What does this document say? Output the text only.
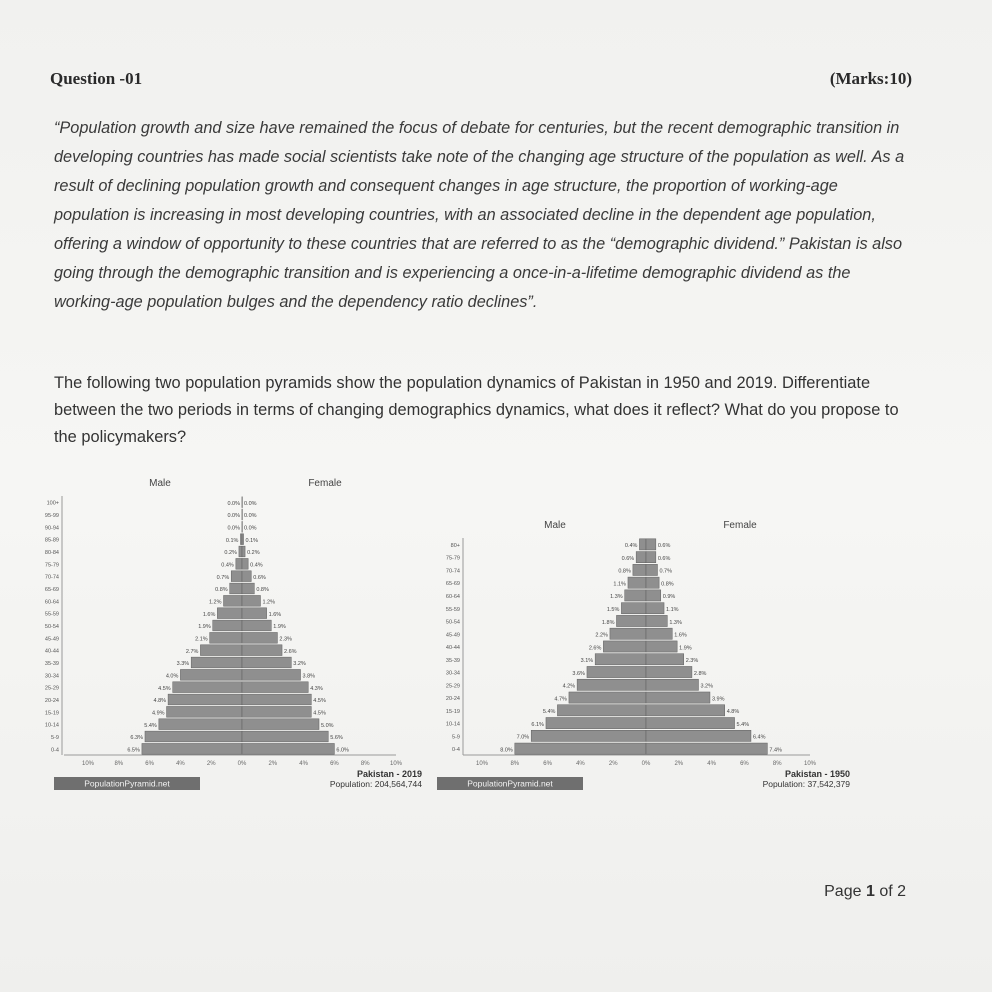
Question -01	(Marks:10)
“Population growth and size have remained the focus of debate for centuries, but the recent demographic transition in developing countries has made social scientists take note of the changing age structure of the population as well. As a result of declining population growth and consequent changes in age structure, the proportion of working-age population is increasing in most developing countries, with an associated decline in the dependent age population, offering a window of opportunity to these countries that are referred to as the “demographic dividend.” Pakistan is also going through the demographic transition and is experiencing a once-in-a-lifetime demographic dividend as the working-age population bulges and the dependency ratio declines”.
The following two population pyramids show the population dynamics of Pakistan in 1950 and 2019. Differentiate between the two periods in terms of changing demographics dynamics, what does it reflect? What do you propose to the policymakers?
Male	Female
0-4	6.5%	6.0%
5-9	6.3%	5.6%
10-14	5.4%	5.0%
15-19	4.9%	4.5%
20-24	4.8%	4.5%
25-29	4.5%	4.3%
30-34	4.0%	3.8%
35-39	3.3%	3.2%
40-44	2.7%	2.6%
45-49	2.1%	2.3%
50-54	1.9%	1.9%
55-59	1.6%	1.6%
60-64	1.2%	1.2%
65-69	0.8%	0.8%
70-74	0.7%	0.6%
75-79	0.4%	0.4%
80-84	0.2% 0.2%
85-89	0.1% 0.1%
90-94	0.0% 0.0%
95-99	0.0% 0.0%
100+	0.0% 0.0%
10%	8%	6%	4%	2%	0%	2%	4%	6%	8%	10%
Pakistan - 2019
Population: 204,564,744
PopulationPyramid.net
Male	Female
0-4	8.0%	7.4%
5-9	7.0%	6.4%
10-14	6.1%	5.4%
15-19	5.4%	4.8%
20-24	4.7%	3.9%
25-29	4.2%	3.2%
30-34	3.6%	2.8%
35-39	3.1%	2.3%
40-44	2.6%	1.9%
45-49	2.2%	1.6%
50-54	1.8%	1.3%
55-59	1.5%	1.1%
60-64	1.3%	0.9%
65-69	1.1%	0.8%
70-74	0.8%	0.7%
75-79	0.6%	0.6%
80+	0.4%	0.6%
10%	8%	6%	4%	2%	0%	2%	4%	6%	8%	10%
Pakistan - 1950
Population: 37,542,379
PopulationPyramid.net
Page 1 of 2
